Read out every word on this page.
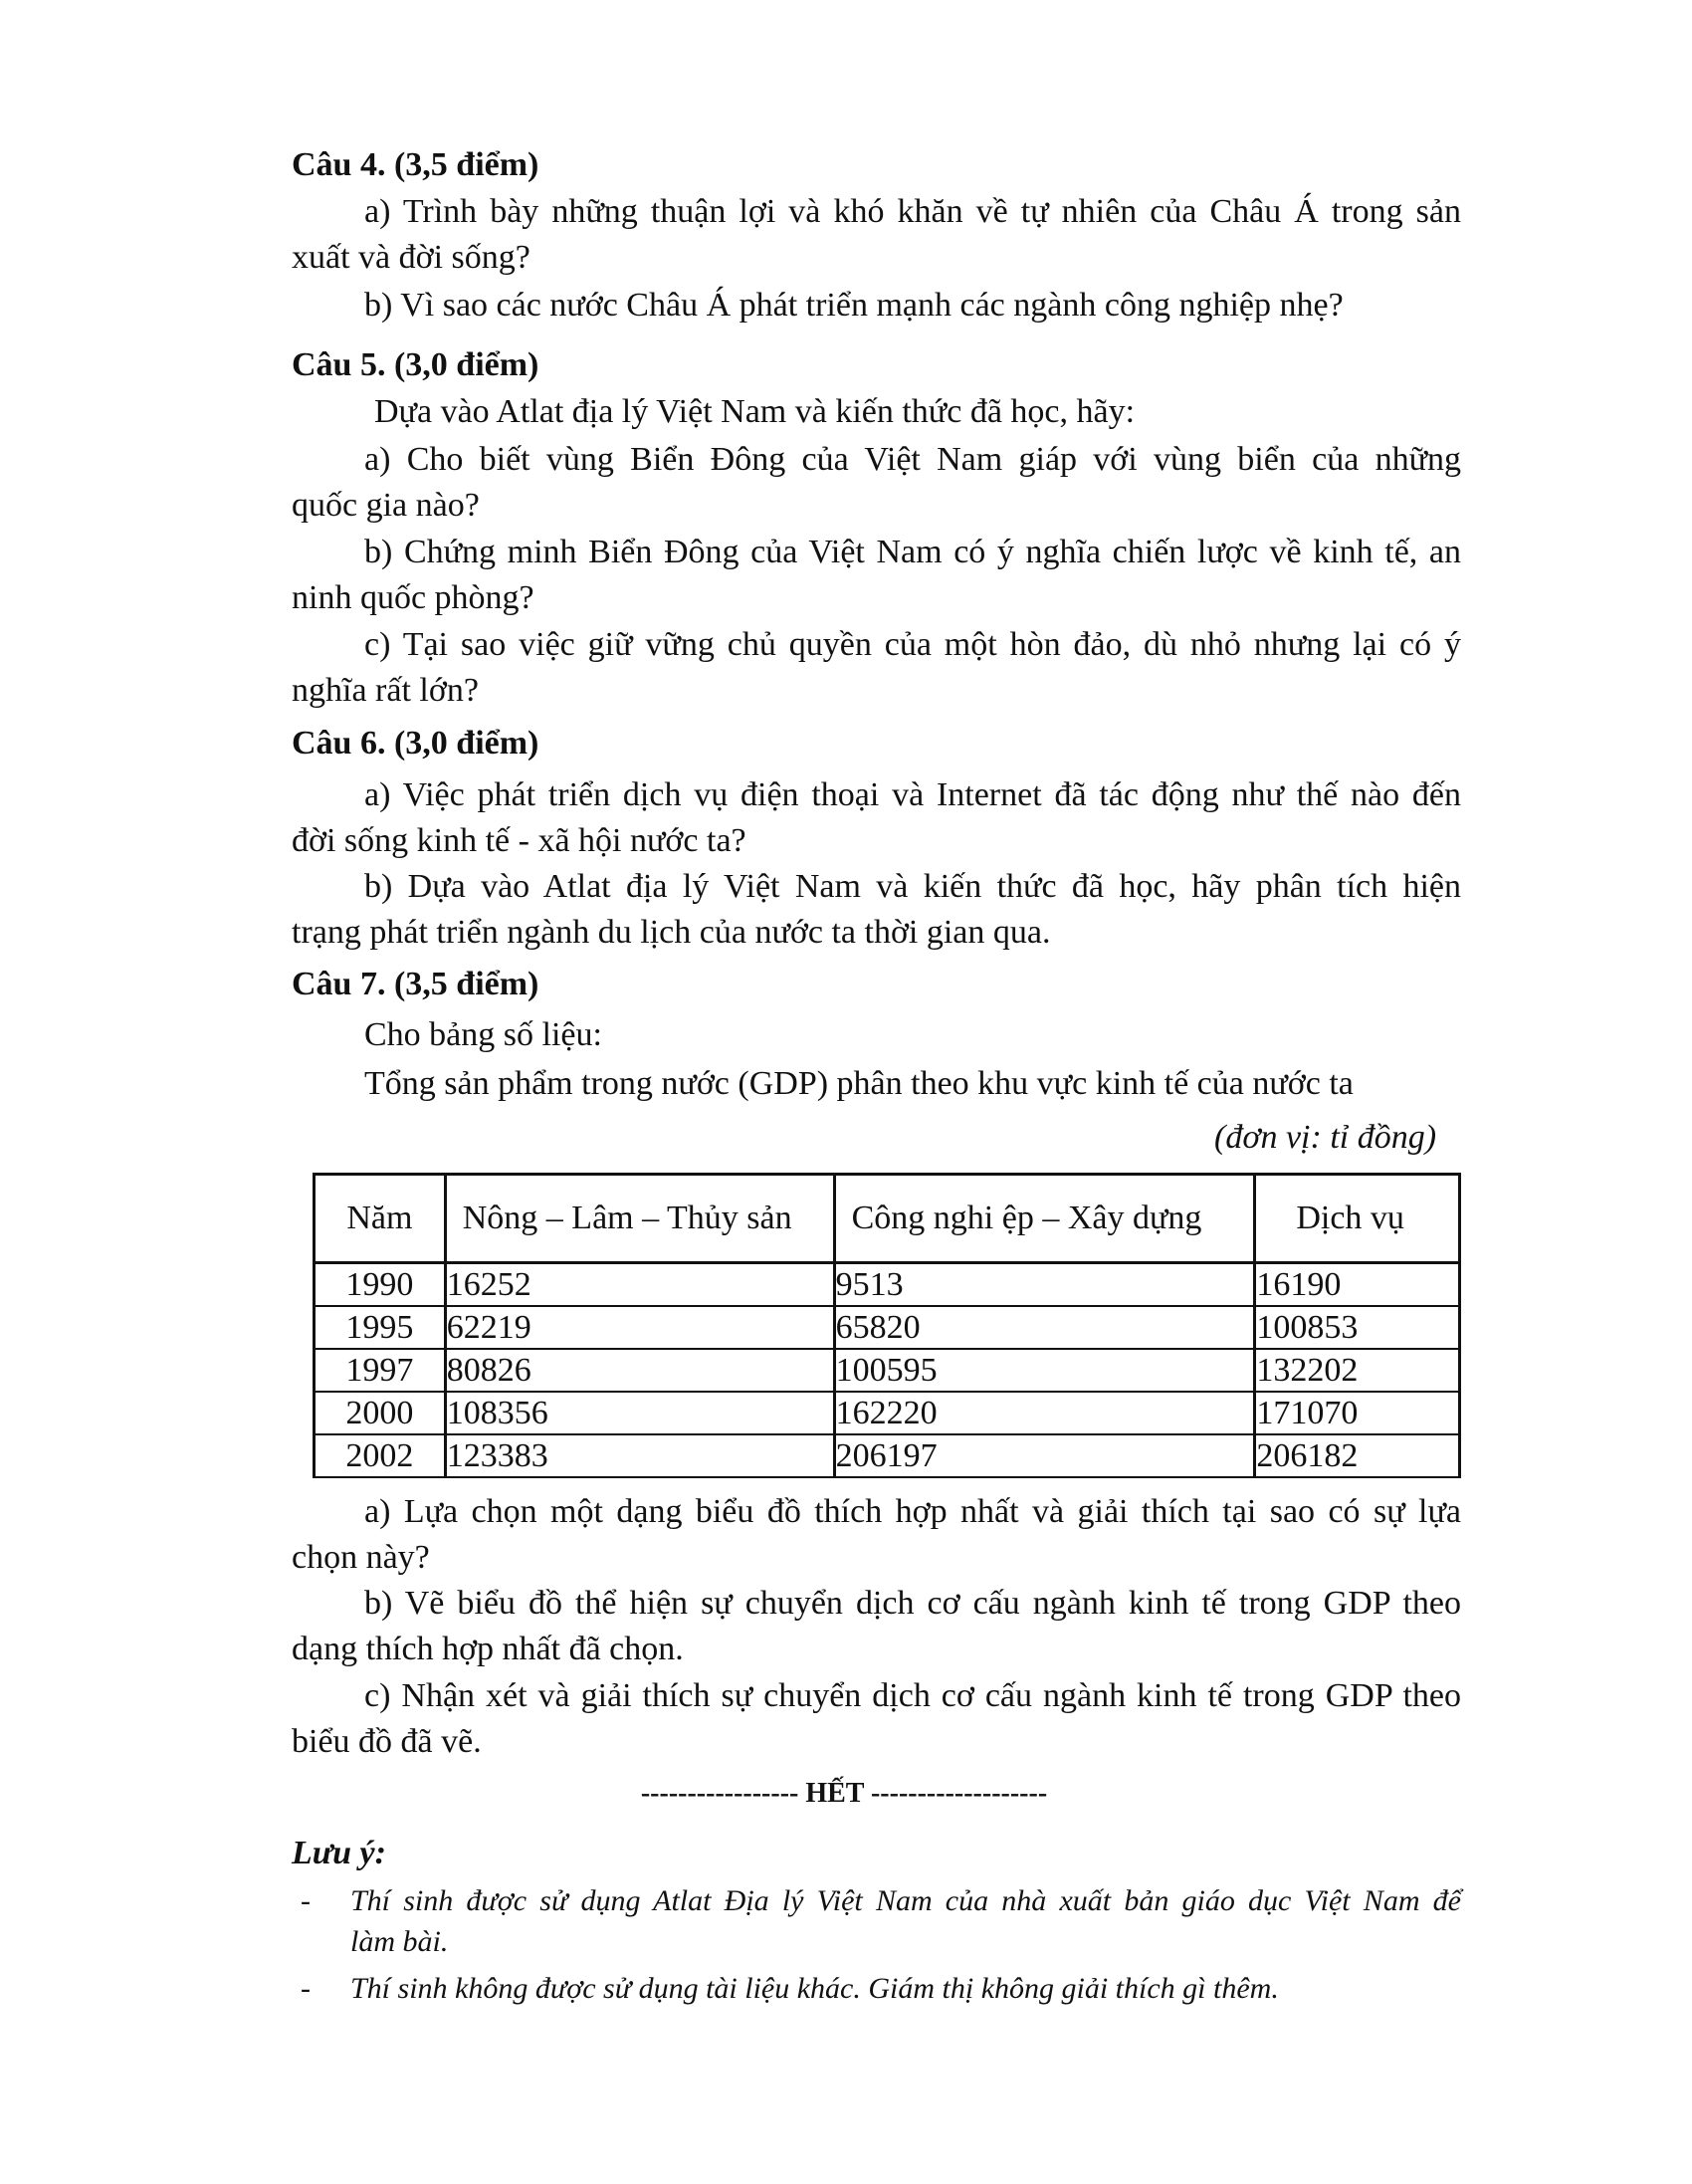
Câu 4. (3,5 điểm)
a) Trình bày những thuận lợi và khó khăn về tự nhiên của Châu Á trong sản
xuất và đời sống?
b) Vì sao các nước Châu Á phát triển mạnh các ngành công nghiệp nhẹ?
Câu 5. (3,0 điểm)
Dựa vào Atlat địa lý Việt Nam và kiến thức đã học, hãy:
a) Cho biết vùng Biển Đông của Việt Nam giáp với vùng biển của những
quốc gia nào?
b) Chứng minh Biển Đông của Việt Nam có ý nghĩa chiến lược về kinh tế, an
ninh quốc phòng?
c) Tại sao việc giữ vững chủ quyền của một hòn đảo, dù nhỏ nhưng lại có ý
nghĩa rất lớn?
Câu 6. (3,0 điểm)
a) Việc phát triển dịch vụ điện thoại và Internet đã tác động như thế nào đến
đời sống kinh tế - xã hội nước ta?
b) Dựa vào Atlat địa lý Việt Nam và kiến thức đã học, hãy phân tích hiện
trạng phát triển ngành du lịch của nước ta thời gian qua.
Câu 7. (3,5 điểm)
Cho bảng số liệu:
Tổng sản phẩm trong nước (GDP) phân theo khu vực kinh tế của nước ta
(đơn vị: tỉ đồng)
Năm	Nông – Lâm – Thủy sản	Công nghi ệp – Xây dựng	Dịch vụ
1990	16252	9513	16190
1995	62219	65820	100853
1997	80826	100595	132202
2000	108356	162220	171070
2002	123383	206197	206182
a) Lựa chọn một dạng biểu đồ thích hợp nhất và giải thích tại sao có sự lựa
chọn này?
b) Vẽ biểu đồ thể hiện sự chuyển dịch cơ cấu ngành kinh tế trong GDP theo
dạng thích hợp nhất đã chọn.
c) Nhận xét và giải thích sự chuyển dịch cơ cấu ngành kinh tế trong GDP theo
biểu đồ đã vẽ.
----------------- HẾT -------------------
Lưu ý:
- Thí sinh được sử dụng Atlat Địa lý Việt Nam của nhà xuất bản giáo dục Việt Nam để
làm bài.
- Thí sinh không được sử dụng tài liệu khác. Giám thị không giải thích gì thêm.
